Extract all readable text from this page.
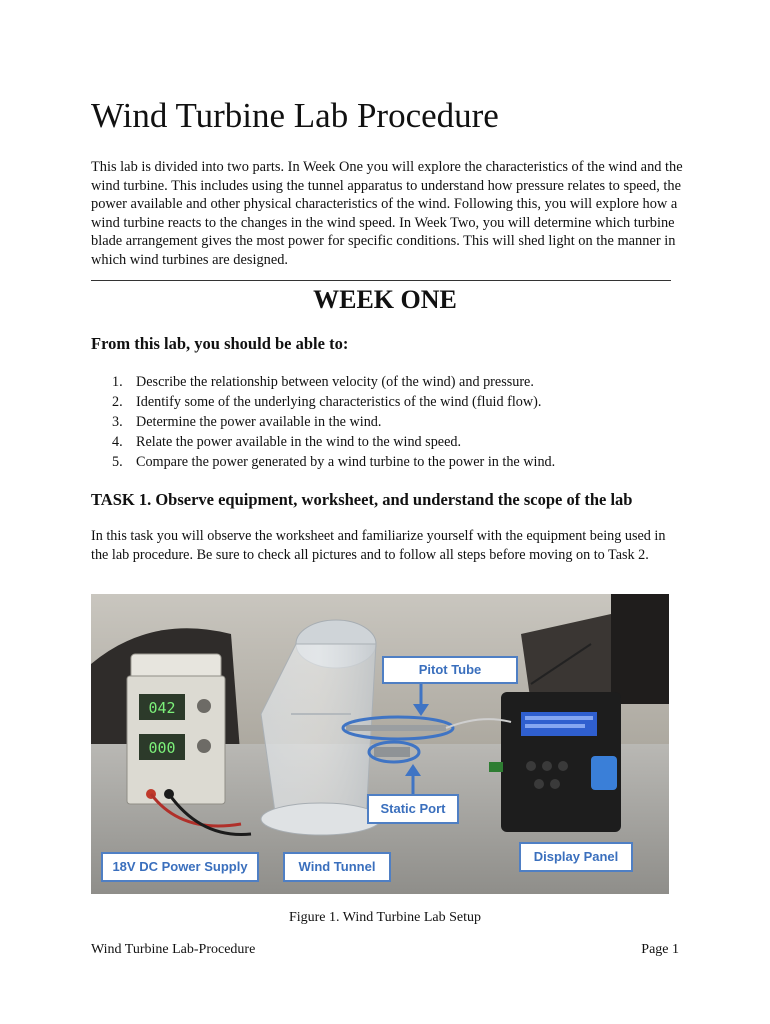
Wind Turbine Lab Procedure

This lab is divided into two parts. In Week One you will explore the characteristics of the wind and the wind turbine. This includes using the tunnel apparatus to understand how pressure relates to speed, the power available and other physical characteristics of the wind. Following this, you will explore how a wind turbine reacts to the changes in the wind speed. In Week Two, you will determine which turbine blade arrangement gives the most power for specific conditions. This will shed light on the manner in which wind turbines are designed.

WEEK ONE
From this lab, you should be able to:
1. Describe the relationship between velocity (of the wind) and pressure.
2. Identify some of the underlying characteristics of the wind (fluid flow).
3. Determine the power available in the wind.
4. Relate the power available in the wind to the wind speed.
5. Compare the power generated by a wind turbine to the power in the wind.
TASK 1. Observe equipment, worksheet, and understand the scope of the lab

In this task you will observe the worksheet and familiarize yourself with the equipment being used in the lab procedure. Be sure to check all pictures and to follow all steps before moving on to Task 2.

042
000
Pitot Tube
Static Port
18V DC Power Supply	Wind Tunnel
Display Panel

Figure 1. Wind Turbine Lab Setup

Wind Turbine Lab-Procedure	Page 1
